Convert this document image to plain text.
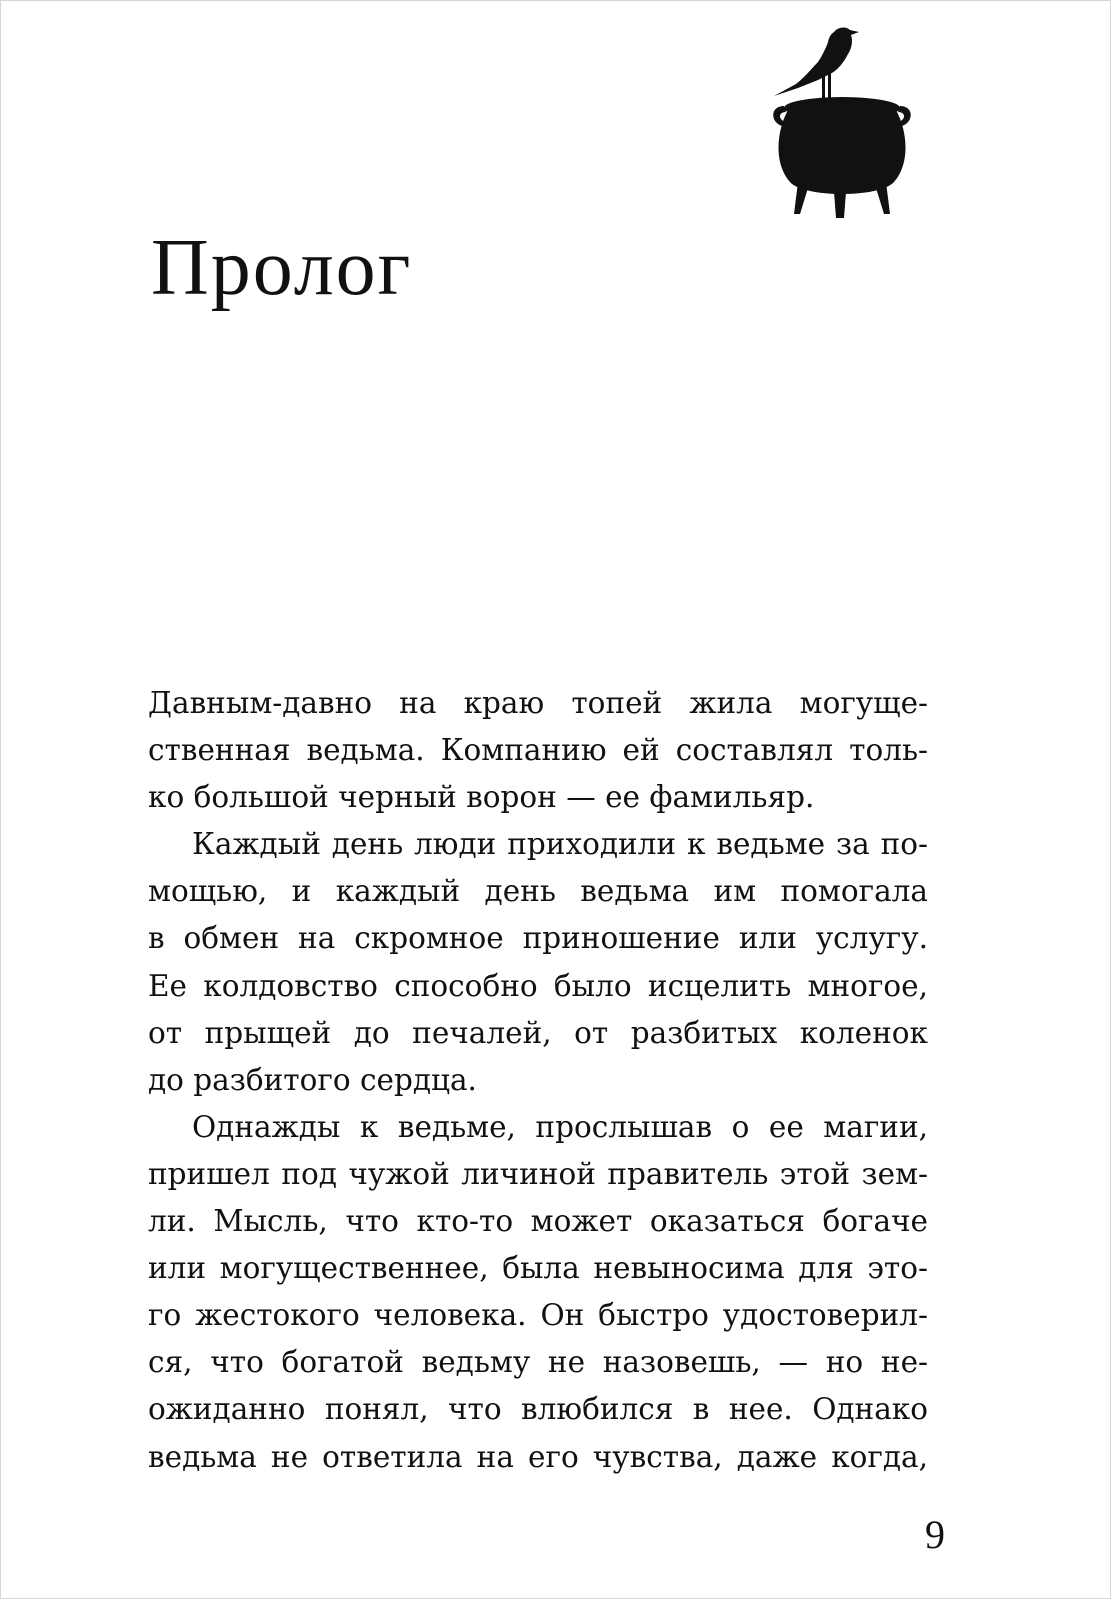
Пролог
Давным-давно на краю топей жила могуще-
ственная ведьма. Компанию ей составлял толь-
ко большой черный ворон — ее фамильяр.
Каждый день люди приходили к ведьме за по-
мощью, и каждый день ведьма им помогала
в обмен на скромное приношение или услугу.
Ее колдовство способно было исцелить многое,
от прыщей до печалей, от разбитых коленок
до разбитого сердца.
Однажды к ведьме, прослышав о ее магии,
пришел под чужой личиной правитель этой зем-
ли. Мысль, что кто-то может оказаться богаче
или могущественнее, была невыносима для это-
го жестокого человека. Он быстро удостоверил-
ся, что богатой ведьму не назовешь, — но не-
ожиданно понял, что влюбился в нее. Однако
ведьма не ответила на его чувства, даже когда,
9
